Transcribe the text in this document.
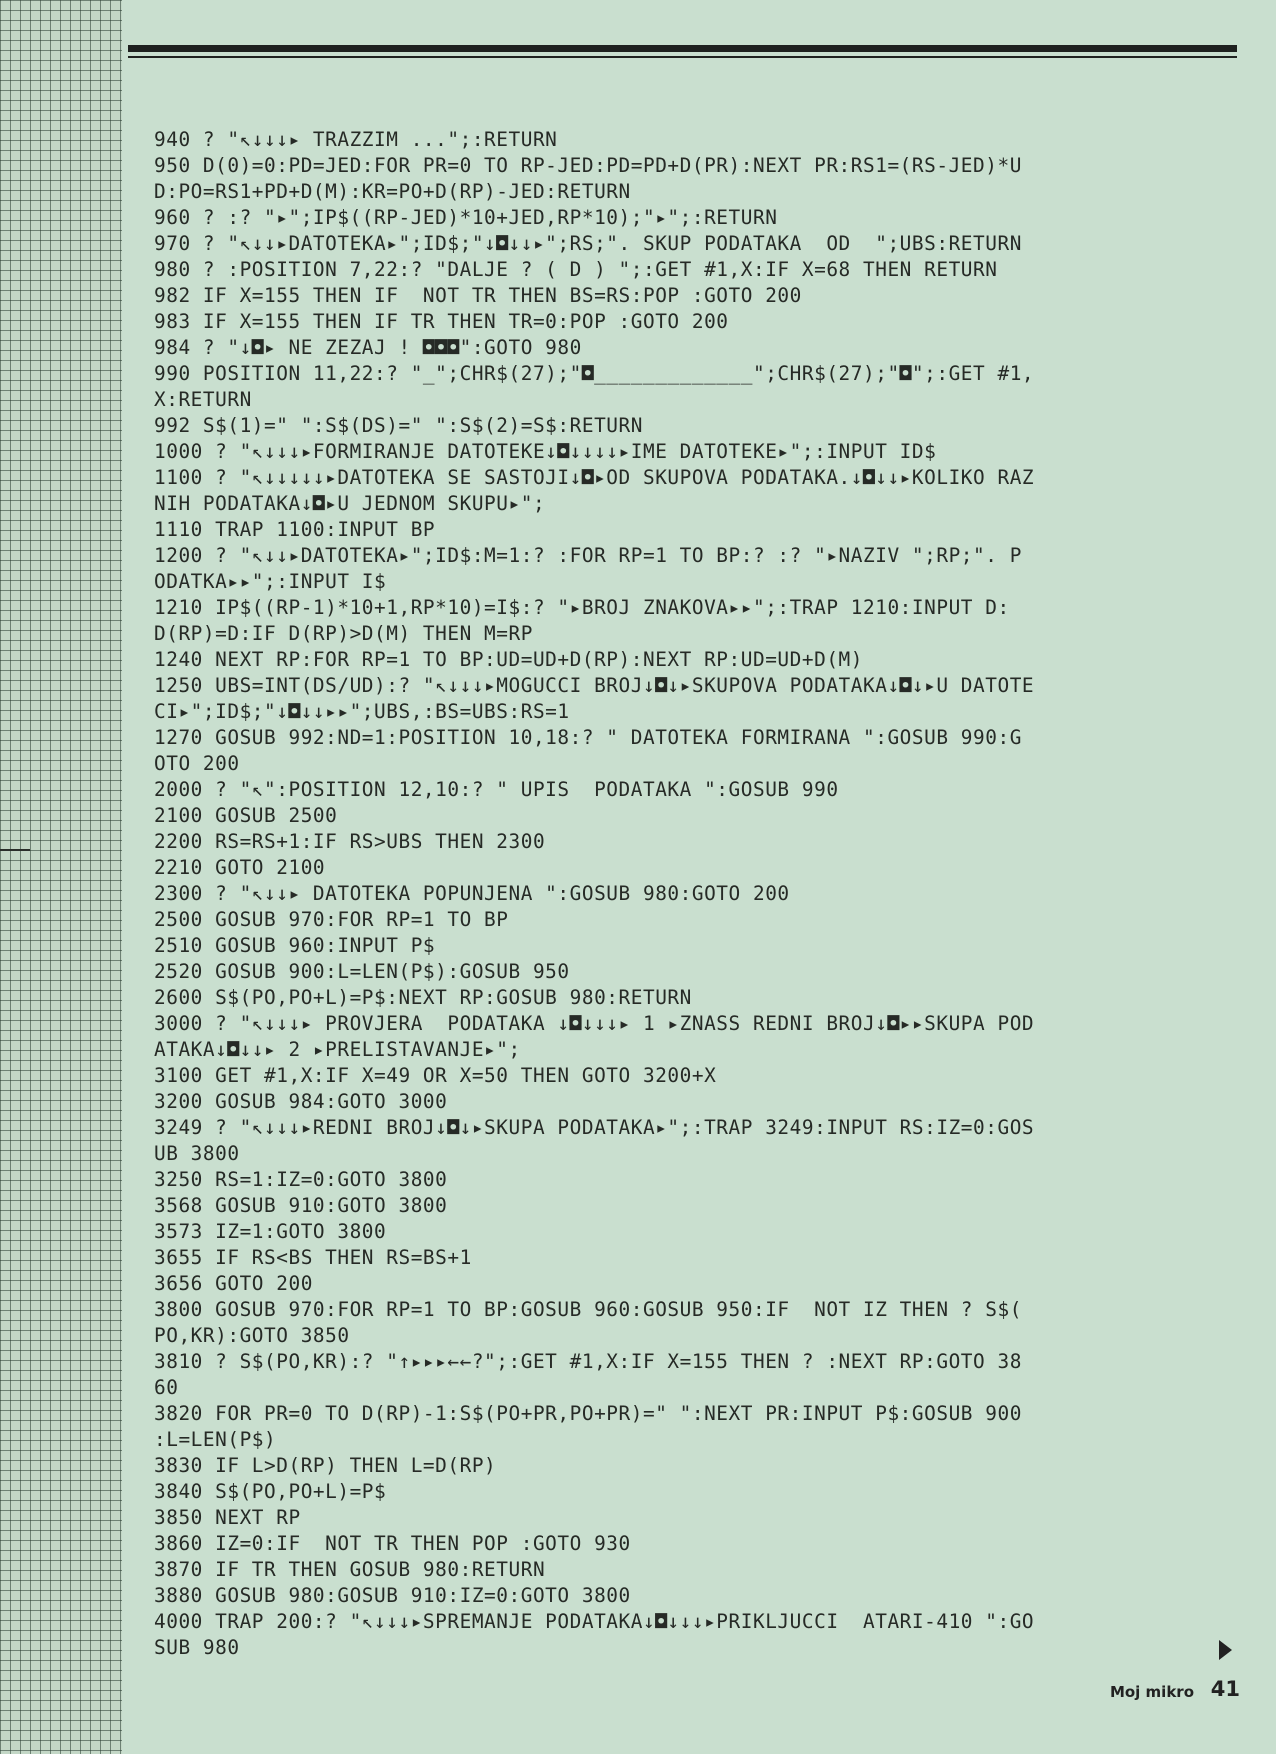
940 ? "↖↓↓↓▸ TRAZZIM ...";:RETURN
950 D(0)=0:PD=JED:FOR PR=0 TO RP-JED:PD=PD+D(PR):NEXT PR:RS1=(RS-JED)*U
D:PO=RS1+PD+D(M):KR=PO+D(RP)-JED:RETURN
960 ? :? "▸";IP$((RP-JED)*10+JED,RP*10);"▸";:RETURN
970 ? "↖↓↓▸DATOTEKA▸";ID$;"↓◘↓↓▸";RS;". SKUP PODATAKA  OD  ";UBS:RETURN
980 ? :POSITION 7,22:? "DALJE ? ( D ) ";:GET #1,X:IF X=68 THEN RETURN
982 IF X=155 THEN IF  NOT TR THEN BS=RS:POP :GOTO 200
983 IF X=155 THEN IF TR THEN TR=0:POP :GOTO 200
984 ? "↓◘▸ NE ZEZAJ ! ◘◘◘":GOTO 980
990 POSITION 11,22:? "_";CHR$(27);"◘_____________";CHR$(27);"◘";:GET #1,
X:RETURN
992 S$(1)=" ":S$(DS)=" ":S$(2)=S$:RETURN
1000 ? "↖↓↓↓▸FORMIRANJE DATOTEKE↓◘↓↓↓↓▸IME DATOTEKE▸";:INPUT ID$
1100 ? "↖↓↓↓↓↓▸DATOTEKA SE SASTOJI↓◘▸OD SKUPOVA PODATAKA.↓◘↓↓▸KOLIKO RAZ
NIH PODATAKA↓◘▸U JEDNOM SKUPU▸";
1110 TRAP 1100:INPUT BP
1200 ? "↖↓↓▸DATOTEKA▸";ID$:M=1:? :FOR RP=1 TO BP:? :? "▸NAZIV ";RP;". P
ODATKA▸▸";:INPUT I$
1210 IP$((RP-1)*10+1,RP*10)=I$:? "▸BROJ ZNAKOVA▸▸";:TRAP 1210:INPUT D:
D(RP)=D:IF D(RP)>D(M) THEN M=RP
1240 NEXT RP:FOR RP=1 TO BP:UD=UD+D(RP):NEXT RP:UD=UD+D(M)
1250 UBS=INT(DS/UD):? "↖↓↓↓▸MOGUCCI BROJ↓◘↓▸SKUPOVA PODATAKA↓◘↓▸U DATOTE
CI▸";ID$;"↓◘↓↓▸▸";UBS,:BS=UBS:RS=1
1270 GOSUB 992:ND=1:POSITION 10,18:? " DATOTEKA FORMIRANA ":GOSUB 990:G
OTO 200
2000 ? "↖":POSITION 12,10:? " UPIS  PODATAKA ":GOSUB 990
2100 GOSUB 2500
2200 RS=RS+1:IF RS>UBS THEN 2300
2210 GOTO 2100
2300 ? "↖↓↓▸ DATOTEKA POPUNJENA ":GOSUB 980:GOTO 200
2500 GOSUB 970:FOR RP=1 TO BP
2510 GOSUB 960:INPUT P$
2520 GOSUB 900:L=LEN(P$):GOSUB 950
2600 S$(PO,PO+L)=P$:NEXT RP:GOSUB 980:RETURN
3000 ? "↖↓↓↓▸ PROVJERA  PODATAKA ↓◘↓↓↓▸ 1 ▸ZNASS REDNI BROJ↓◘▸▸SKUPA POD
ATAKA↓◘↓↓▸ 2 ▸PRELISTAVANJE▸";
3100 GET #1,X:IF X=49 OR X=50 THEN GOTO 3200+X
3200 GOSUB 984:GOTO 3000
3249 ? "↖↓↓↓▸REDNI BROJ↓◘↓▸SKUPA PODATAKA▸";:TRAP 3249:INPUT RS:IZ=0:GOS
UB 3800
3250 RS=1:IZ=0:GOTO 3800
3568 GOSUB 910:GOTO 3800
3573 IZ=1:GOTO 3800
3655 IF RS<BS THEN RS=BS+1
3656 GOTO 200
3800 GOSUB 970:FOR RP=1 TO BP:GOSUB 960:GOSUB 950:IF  NOT IZ THEN ? S$(
PO,KR):GOTO 3850
3810 ? S$(PO,KR):? "↑▸▸▸←←?";:GET #1,X:IF X=155 THEN ? :NEXT RP:GOTO 38
60
3820 FOR PR=0 TO D(RP)-1:S$(PO+PR,PO+PR)=" ":NEXT PR:INPUT P$:GOSUB 900
:L=LEN(P$)
3830 IF L>D(RP) THEN L=D(RP)
3840 S$(PO,PO+L)=P$
3850 NEXT RP
3860 IZ=0:IF  NOT TR THEN POP :GOTO 930
3870 IF TR THEN GOSUB 980:RETURN
3880 GOSUB 980:GOSUB 910:IZ=0:GOTO 3800
4000 TRAP 200:? "↖↓↓↓▸SPREMANJE PODATAKA↓◘↓↓↓▸PRIKLJUCCI  ATARI-410 ":GO
SUB 980
Moj mikro 41
